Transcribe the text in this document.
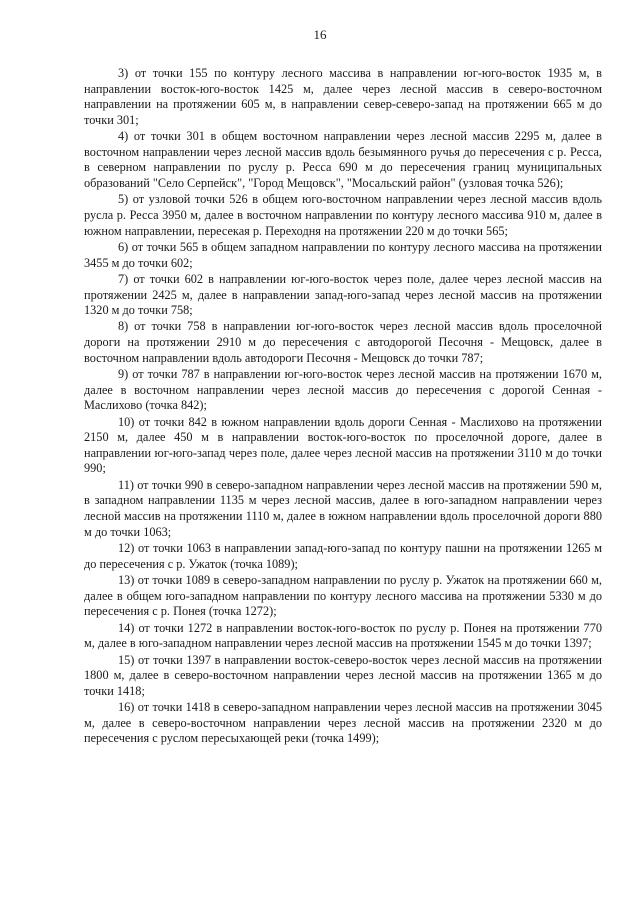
16

3) от точки 155 по контуру лесного массива в направлении юг-юго-восток 1935 м, в направлении восток-юго-восток 1425 м, далее через лесной массив в северо-восточном направлении на протяжении 605 м, в направлении север-северо-запад на протяжении 665 м до точки 301;

4) от точки 301 в общем восточном направлении через лесной массив 2295 м, далее в восточном направлении через лесной массив вдоль безымянного ручья до пересечения с р. Ресса, в северном направлении по руслу р. Ресса 690 м до пересечения границ муниципальных образований "Село Серпейск", "Город Мещовск", "Мосальский район" (узловая точка 526);

5) от узловой точки 526 в общем юго-восточном направлении через лесной массив вдоль русла р. Ресса 3950 м, далее в восточном направлении по контуру лесного массива 910 м, далее в южном направлении, пересекая р. Переходня на протяжении 220 м до точки 565;

6) от точки 565 в общем западном направлении по контуру лесного массива на протяжении 3455 м до точки 602;

7) от точки 602 в направлении юг-юго-восток через поле, далее через лесной массив на протяжении 2425 м, далее в направлении запад-юго-запад через лесной массив на протяжении 1320 м до точки 758;

8) от точки 758 в направлении юг-юго-восток через лесной массив вдоль проселочной дороги на протяжении 2910 м до пересечения с автодорогой Песочня - Мещовск, далее в восточном направлении вдоль автодороги Песочня - Мещовск до точки 787;

9) от точки 787 в направлении юг-юго-восток через лесной массив на протяжении 1670 м, далее в восточном направлении через лесной массив до пересечения с дорогой Сенная - Маслихово (точка 842);

10) от точки 842 в южном направлении вдоль дороги Сенная - Маслихово на протяжении 2150 м, далее 450 м в направлении восток-юго-восток по проселочной дороге, далее в направлении юг-юго-запад через поле, далее через лесной массив на протяжении 3110 м до точки 990;

11) от точки 990 в северо-западном направлении через лесной массив на протяжении 590 м, в западном направлении 1135 м через лесной массив, далее в юго-западном направлении через лесной массив на протяжении 1110 м, далее в южном направлении вдоль проселочной дороги 880 м до точки 1063;

12) от точки 1063 в направлении запад-юго-запад по контуру пашни на протяжении 1265 м до пересечения с р. Ужаток (точка 1089);

13) от точки 1089 в северо-западном направлении по руслу р. Ужаток на протяжении 660 м, далее в общем юго-западном направлении по контуру лесного массива на протяжении 5330 м до пересечения с р. Понея (точка 1272);

14) от точки 1272 в направлении восток-юго-восток по руслу р. Понея на протяжении 770 м, далее в юго-западном направлении через лесной массив на протяжении 1545 м до точки 1397;

15) от точки 1397 в направлении восток-северо-восток через лесной массив на протяжении 1800 м, далее в северо-восточном направлении через лесной массив на протяжении 1365 м до точки 1418;

16) от точки 1418 в северо-западном направлении через лесной массив на протяжении 3045 м, далее в северо-восточном направлении через лесной массив на протяжении 2320 м до пересечения с руслом пересыхающей реки (точка 1499);
